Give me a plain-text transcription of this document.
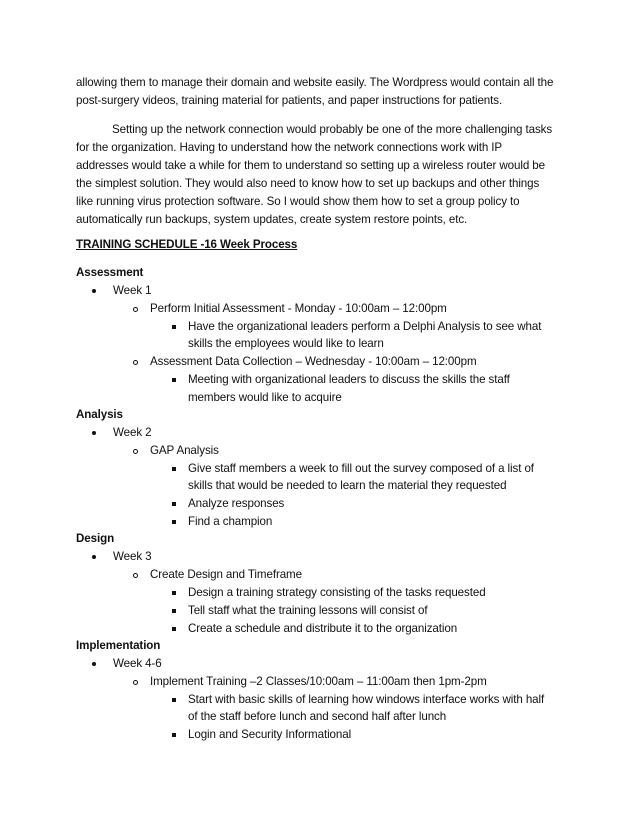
allowing them to manage their domain and website easily. The Wordpress would contain all the
post-surgery videos, training material for patients, and paper instructions for patients.
Setting up the network connection would probably be one of the more challenging tasks
for the organization. Having to understand how the network connections work with IP
addresses would take a while for them to understand so setting up a wireless router would be
the simplest solution. They would also need to know how to set up backups and other things
like running virus protection software. So I would show them how to set a group policy to
automatically run backups, system updates, create system restore points, etc.
TRAINING SCHEDULE -16 Week Process
Assessment
Week 1
Perform Initial Assessment - Monday - 10:00am – 12:00pm
Have the organizational leaders perform a Delphi Analysis to see what
skills the employees would like to learn
Assessment Data Collection – Wednesday - 10:00am – 12:00pm
Meeting with organizational leaders to discuss the skills the staff
members would like to acquire
Analysis
Week 2
GAP Analysis
Give staff members a week to fill out the survey composed of a list of
skills that would be needed to learn the material they requested
Analyze responses
Find a champion
Design
Week 3
Create Design and Timeframe
Design a training strategy consisting of the tasks requested
Tell staff what the training lessons will consist of
Create a schedule and distribute it to the organization
Implementation
Week 4-6
Implement Training –2 Classes/10:00am – 11:00am then 1pm-2pm
Start with basic skills of learning how windows interface works with half
of the staff before lunch and second half after lunch
Login and Security Informational
